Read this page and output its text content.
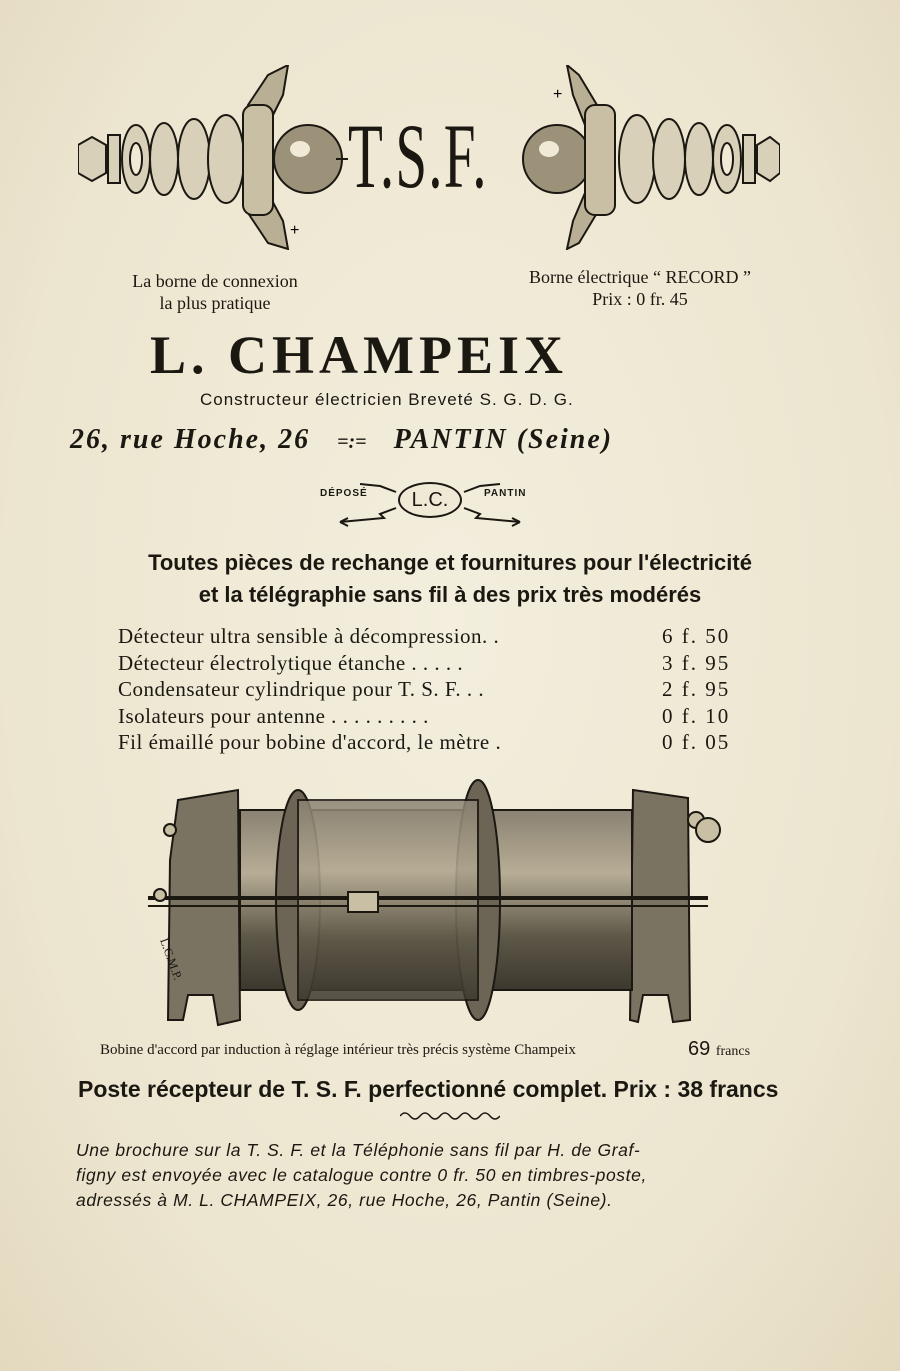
+
T.S.F.
+
La borne de connexion
la plus pratique
Borne électrique “ RECORD ”
Prix : 0 fr. 45
L. CHAMPEIX
Constructeur électricien Breveté S. G. D. G.
26, rue Hoche, 26 =:= PANTIN (Seine)
DÉPOSÉ	L.C.	PANTIN
Toutes pièces de rechange et fournitures pour l'électricité
et la télégraphie sans fil à des prix très modérés
Détecteur ultra sensible à décompression. .	6 f. 50
Détecteur électrolytique étanche . . . . .	3 f. 95
Condensateur cylindrique pour T. S. F. . .	2 f. 95
Isolateurs pour antenne . . . . . . . . .	0 f. 10
Fil émaillé pour bobine d'accord, le mètre .	0 f. 05
L.C.M.P.
Bobine d'accord par induction à réglage intérieur très précis système Champeix	69 francs
Poste récepteur de T. S. F. perfectionné complet. Prix : 38 francs
Une brochure sur la T. S. F. et la Téléphonie sans fil par H. de Graf-
figny est envoyée avec le catalogue contre 0 fr. 50 en timbres-poste,
adressés à M. L. CHAMPEIX, 26, rue Hoche, 26, Pantin (Seine).
